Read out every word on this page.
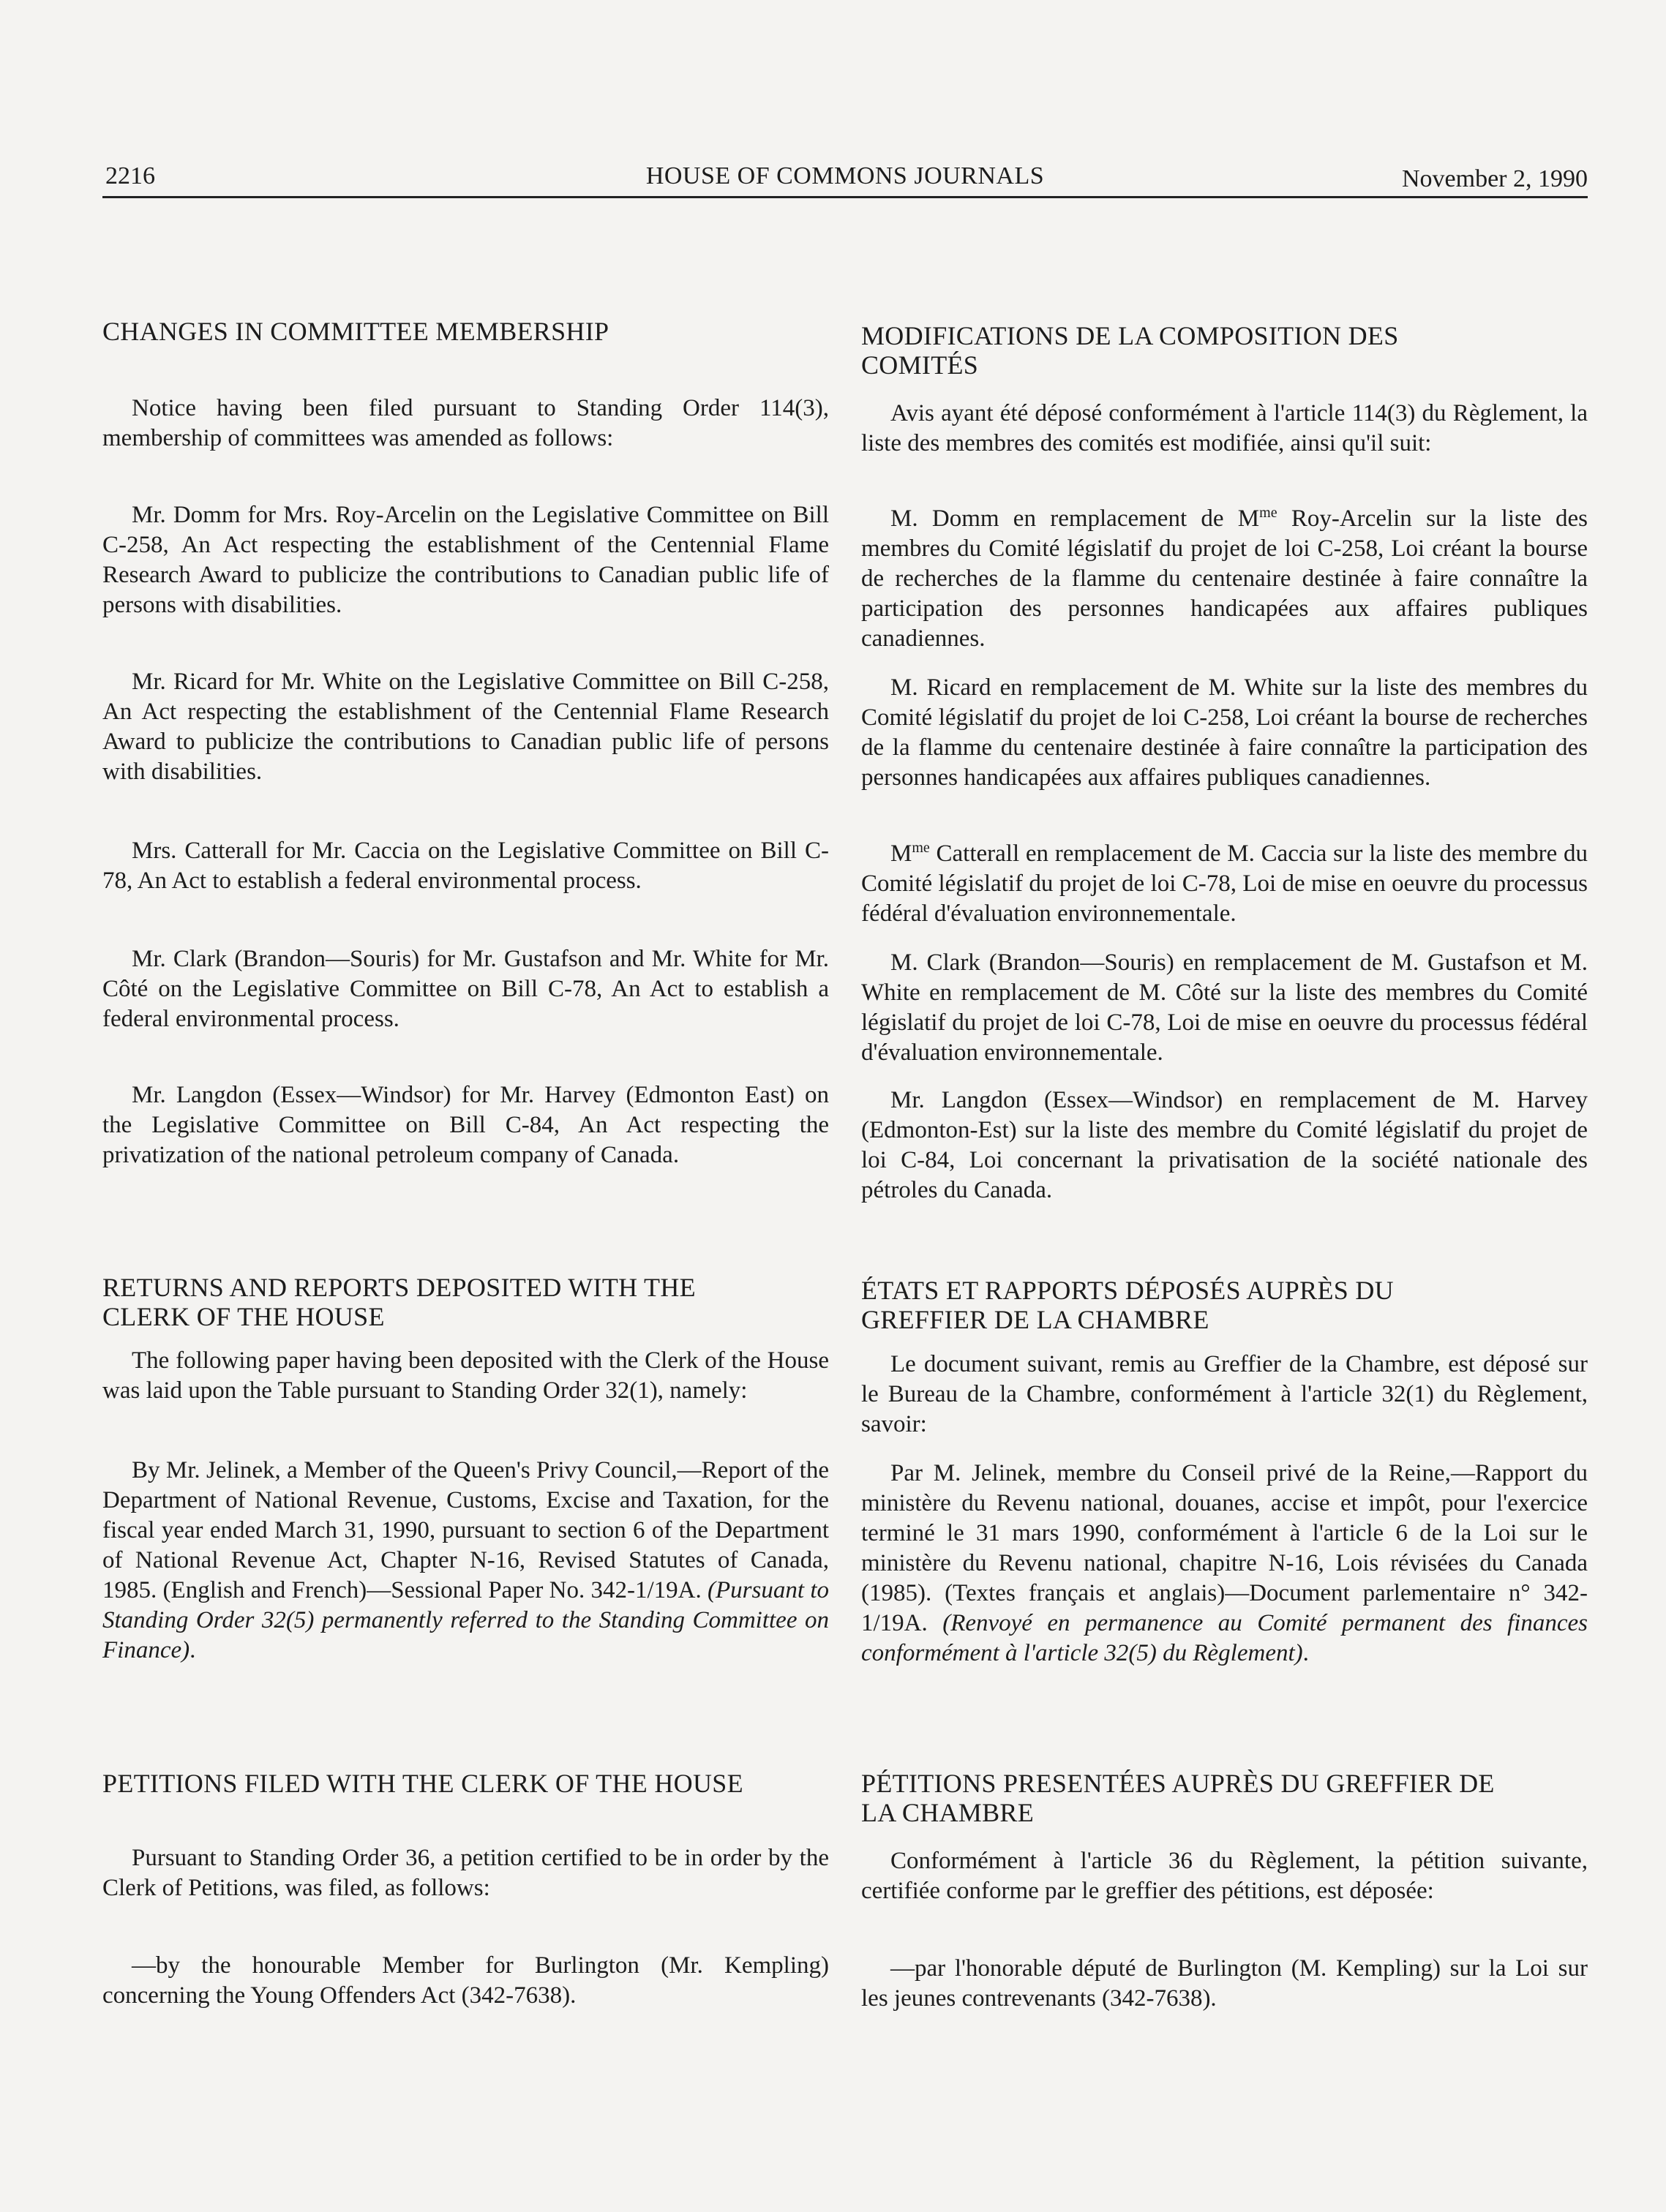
2216	HOUSE OF COMMONS JOURNALS	November 2, 1990

CHANGES IN COMMITTEE MEMBERSHIP

Notice having been filed pursuant to Standing Order 114(3), membership of committees was amended as follows:

Mr. Domm for Mrs. Roy-Arcelin on the Legislative Committee on Bill C-258, An Act respecting the establishment of the Centennial Flame Research Award to publicize the contributions to Canadian public life of persons with disabilities.

Mr. Ricard for Mr. White on the Legislative Committee on Bill C-258, An Act respecting the establishment of the Centennial Flame Research Award to publicize the contributions to Canadian public life of persons with disabilities.

Mrs. Catterall for Mr. Caccia on the Legislative Committee on Bill C-78, An Act to establish a federal environmental process.

Mr. Clark (Brandon—Souris) for Mr. Gustafson and Mr. White for Mr. Côté on the Legislative Committee on Bill C-78, An Act to establish a federal environmental process.

Mr. Langdon (Essex—Windsor) for Mr. Harvey (Edmonton East) on the Legislative Committee on Bill C-84, An Act respecting the privatization of the national petroleum company of Canada.

RETURNS AND REPORTS DEPOSITED WITH THE

CLERK OF THE HOUSE

The following paper having been deposited with the Clerk of the House was laid upon the Table pursuant to Standing Order 32(1), namely:

By Mr. Jelinek, a Member of the Queen's Privy Council,—Report of the Department of National Revenue, Customs, Excise and Taxation, for the fiscal year ended March 31, 1990, pursuant to section 6 of the Department of National Revenue Act, Chapter N-16, Revised Statutes of Canada, 1985. (English and French)—Sessional Paper No. 342-1/19A. (Pursuant to Standing Order 32(5) permanently referred to the Standing Committee on Finance).

PETITIONS FILED WITH THE CLERK OF THE HOUSE

Pursuant to Standing Order 36, a petition certified to be in order by the Clerk of Petitions, was filed, as follows:

—by the honourable Member for Burlington (Mr. Kempling) concerning the Young Offenders Act (342-7638).

MODIFICATIONS DE LA COMPOSITION DES

COMITÉS

Avis ayant été déposé conformément à l'article 114(3) du Règlement, la liste des membres des comités est modifiée, ainsi qu'il suit:

M. Domm en remplacement de $M^{me}$ Roy-Arcelin sur la liste des membres du Comité législatif du projet de loi C-258, Loi créant la bourse de recherches de la flamme du centenaire destinée à faire connaître la participation des personnes handicapées aux affaires publiques canadiennes.

M. Ricard en remplacement de M. White sur la liste des membres du Comité législatif du projet de loi C-258, Loi créant la bourse de recherches de la flamme du centenaire destinée à faire connaître la participation des personnes handicapées aux affaires publiques canadiennes.

$M^{me}$ Catterall en remplacement de M. Caccia sur la liste des membre du Comité législatif du projet de loi C-78, Loi de mise en oeuvre du processus fédéral d'évaluation environnementale.

M. Clark (Brandon—Souris) en remplacement de M. Gustafson et M. White en remplacement de M. Côté sur la liste des membres du Comité législatif du projet de loi C-78, Loi de mise en oeuvre du processus fédéral d'évaluation environnementale.

Mr. Langdon (Essex—Windsor) en remplacement de M. Harvey (Edmonton-Est) sur la liste des membre du Comité législatif du projet de loi C-84, Loi concernant la privatisation de la société nationale des pétroles du Canada.

ÉTATS ET RAPPORTS DÉPOSÉS AUPRÈS DU

GREFFIER DE LA CHAMBRE

Le document suivant, remis au Greffier de la Chambre, est déposé sur le Bureau de la Chambre, conformément à l'article 32(1) du Règlement, savoir:

Par M. Jelinek, membre du Conseil privé de la Reine,—Rapport du ministère du Revenu national, douanes, accise et impôt, pour l'exercice terminé le 31 mars 1990, conformément à l'article 6 de la Loi sur le ministère du Revenu national, chapitre N-16, Lois révisées du Canada (1985). (Textes français et anglais)—Document parlementaire n° 342-1/19A. (Renvoyé en permanence au Comité permanent des finances conformément à l'article 32(5) du Règlement).

PÉTITIONS PRESENTÉES AUPRÈS DU GREFFIER DE

LA CHAMBRE

Conformément à l'article 36 du Règlement, la pétition suivante, certifiée conforme par le greffier des pétitions, est déposée:

—par l'honorable député de Burlington (M. Kempling) sur la Loi sur les jeunes contrevenants (342-7638).
